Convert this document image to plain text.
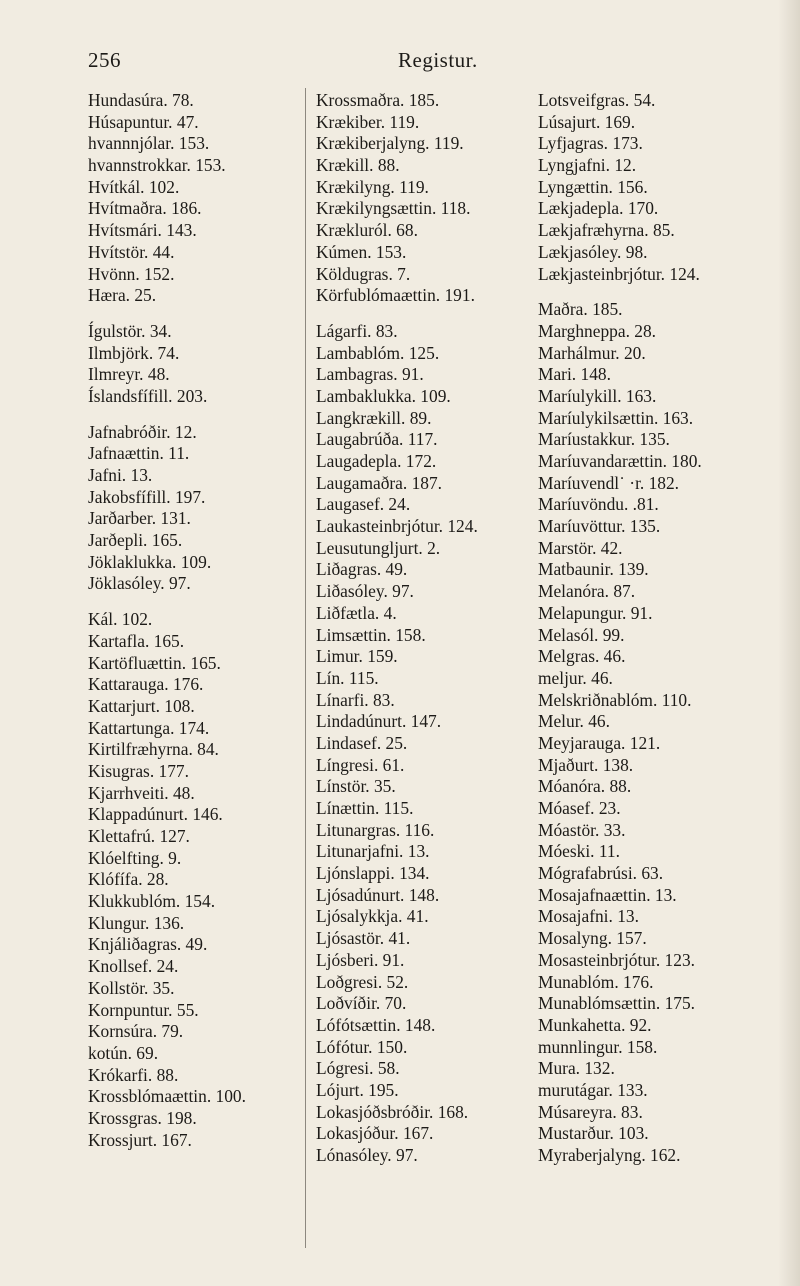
256	Registur.
Hundasúra. 78.
Húsapuntur. 47.
hvannnjólar. 153.
hvannstrokkar. 153.
Hvítkál. 102.
Hvítmaðra. 186.
Hvítsmári. 143.
Hvítstör. 44.
Hvönn. 152.
Hæra. 25.
Ígulstör. 34.
Ilmbjörk. 74.
Ilmreyr. 48.
Íslandsfífill. 203.
Jafnabróðir. 12.
Jafnaættin. 11.
Jafni. 13.
Jakobsfífill. 197.
Jarðarber. 131.
Jarðepli. 165.
Jöklaklukka. 109.
Jöklasóley. 97.
Kál. 102.
Kartafla. 165.
Kartöfluættin. 165.
Kattarauga. 176.
Kattarjurt. 108.
Kattartunga. 174.
Kirtilfræhyrna. 84.
Kisugras. 177.
Kjarrhveiti. 48.
Klappadúnurt. 146.
Klettafrú. 127.
Klóelfting. 9.
Klófífa. 28.
Klukkublóm. 154.
Klungur. 136.
Knjáliðagras. 49.
Knollsef. 24.
Kollstör. 35.
Kornpuntur. 55.
Kornsúra. 79.
kotún. 69.
Krókarfi. 88.
Krossblómaættin. 100.
Krossgras. 198.
Krossjurt. 167.
Krossmaðra. 185.
Krækiber. 119.
Krækiberjalyng. 119.
Krækill. 88.
Krækilyng. 119.
Krækilyngsættin. 118.
Krækluról. 68.
Kúmen. 153.
Köldugras. 7.
Körfublómaættin. 191.
Lágarfi. 83.
Lambablóm. 125.
Lambagras. 91.
Lambaklukka. 109.
Langkrækill. 89.
Laugabrúða. 117.
Laugadepla. 172.
Laugamaðra. 187.
Laugasef. 24.
Laukasteinbrjótur. 124.
Leusutungljurt. 2.
Liðagras. 49.
Liðasóley. 97.
Liðfætla. 4.
Limsættin. 158.
Limur. 159.
Lín. 115.
Línarfi. 83.
Lindadúnurt. 147.
Lindasef. 25.
Língresi. 61.
Línstör. 35.
Línættin. 115.
Litunargras. 116.
Litunarjafni. 13.
Ljónslappi. 134.
Ljósadúnurt. 148.
Ljósalykkja. 41.
Ljósastör. 41.
Ljósberi. 91.
Loðgresi. 52.
Loðvíðir. 70.
Lófótsættin. 148.
Lófótur. 150.
Lógresi. 58.
Lójurt. 195.
Lokasjóðsbróðir. 168.
Lokasjóður. 167.
Lónasóley. 97.
Lotsveifgras. 54.
Lúsajurt. 169.
Lyfjagras. 173.
Lyngjafni. 12.
Lyngættin. 156.
Lækjadepla. 170.
Lækjafræhyrna. 85.
Lækjasóley. 98.
Lækjasteinbrjótur. 124.
Maðra. 185.
Marghneppa. 28.
Marhálmur. 20.
Mari. 148.
Maríulykill. 163.
Maríulykilsættin. 163.
Maríustakkur. 135.
Maríuvandarættin. 180.
Maríuvendl˙ ·r. 182.
Maríuvöndu. .81.
Maríuvöttur. 135.
Marstör. 42.
Matbaunir. 139.
Melanóra. 87.
Melapungur. 91.
Melasól. 99.
Melgras. 46.
meljur. 46.
Melskriðnablóm. 110.
Melur. 46.
Meyjarauga. 121.
Mjaðurt. 138.
Móanóra. 88.
Móasef. 23.
Móastör. 33.
Móeski. 11.
Mógrafabrúsi. 63.
Mosajafnaættin. 13.
Mosajafni. 13.
Mosalyng. 157.
Mosasteinbrjótur. 123.
Munablóm. 176.
Munablómsættin. 175.
Munkahetta. 92.
munnlingur. 158.
Mura. 132.
murutágar. 133.
Músareyra. 83.
Mustarður. 103.
Myraberjalyng. 162.
